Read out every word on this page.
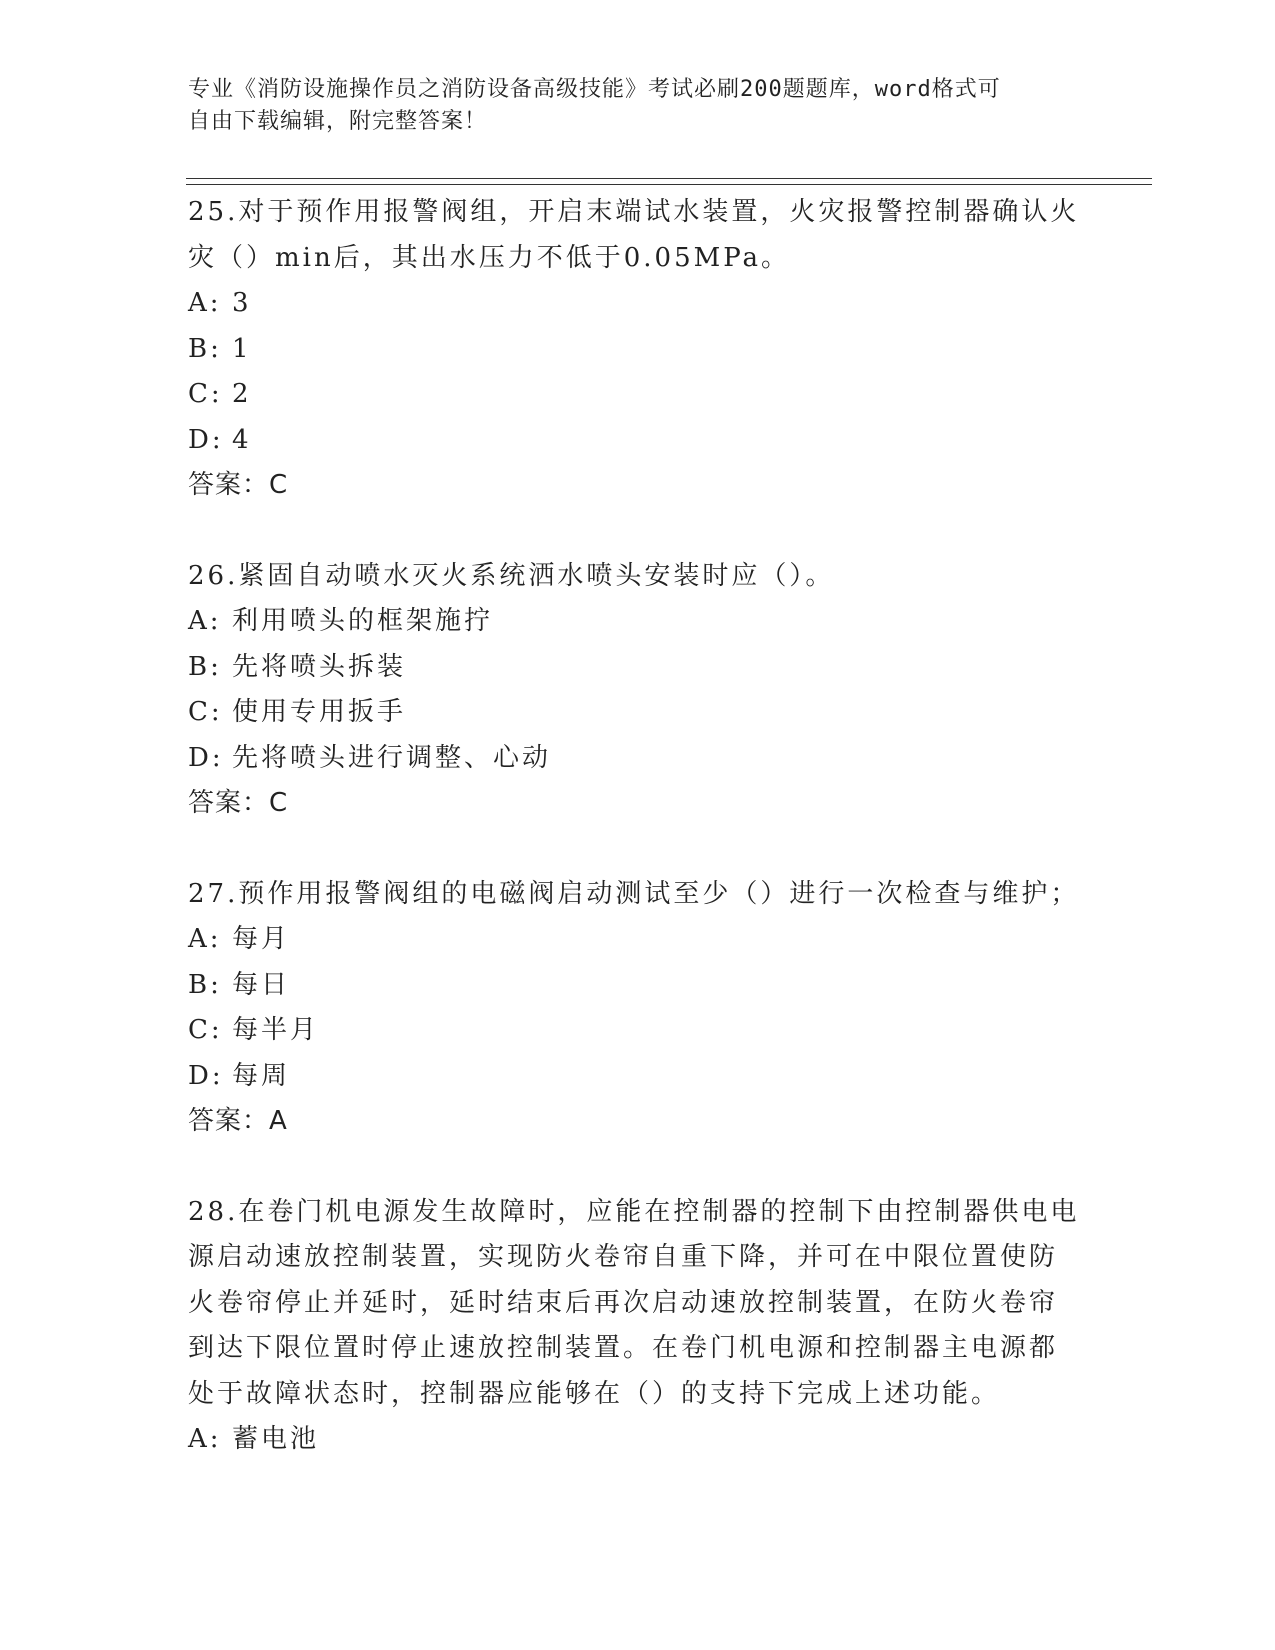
专业《消防设施操作员之消防设备高级技能》考试必刷200题题库，word格式可
自由下载编辑，附完整答案！
25.对于预作用报警阀组，开启末端试水装置，火灾报警控制器确认火
灾（）min后，其出水压力不低于0.05MPa。
A: 3
B: 1
C: 2
D: 4
答案：C
26.紧固自动喷水灭火系统洒水喷头安装时应（）。
A: 利用喷头的框架施拧
B: 先将喷头拆装
C: 使用专用扳手
D: 先将喷头进行调整、心动
答案：C
27.预作用报警阀组的电磁阀启动测试至少（）进行一次检查与维护；
A: 每月
B: 每日
C: 每半月
D: 每周
答案：A
28.在卷门机电源发生故障时，应能在控制器的控制下由控制器供电电
源启动速放控制装置，实现防火卷帘自重下降，并可在中限位置使防
火卷帘停止并延时，延时结束后再次启动速放控制装置，在防火卷帘
到达下限位置时停止速放控制装置。在卷门机电源和控制器主电源都
处于故障状态时，控制器应能够在（）的支持下完成上述功能。
A: 蓄电池
